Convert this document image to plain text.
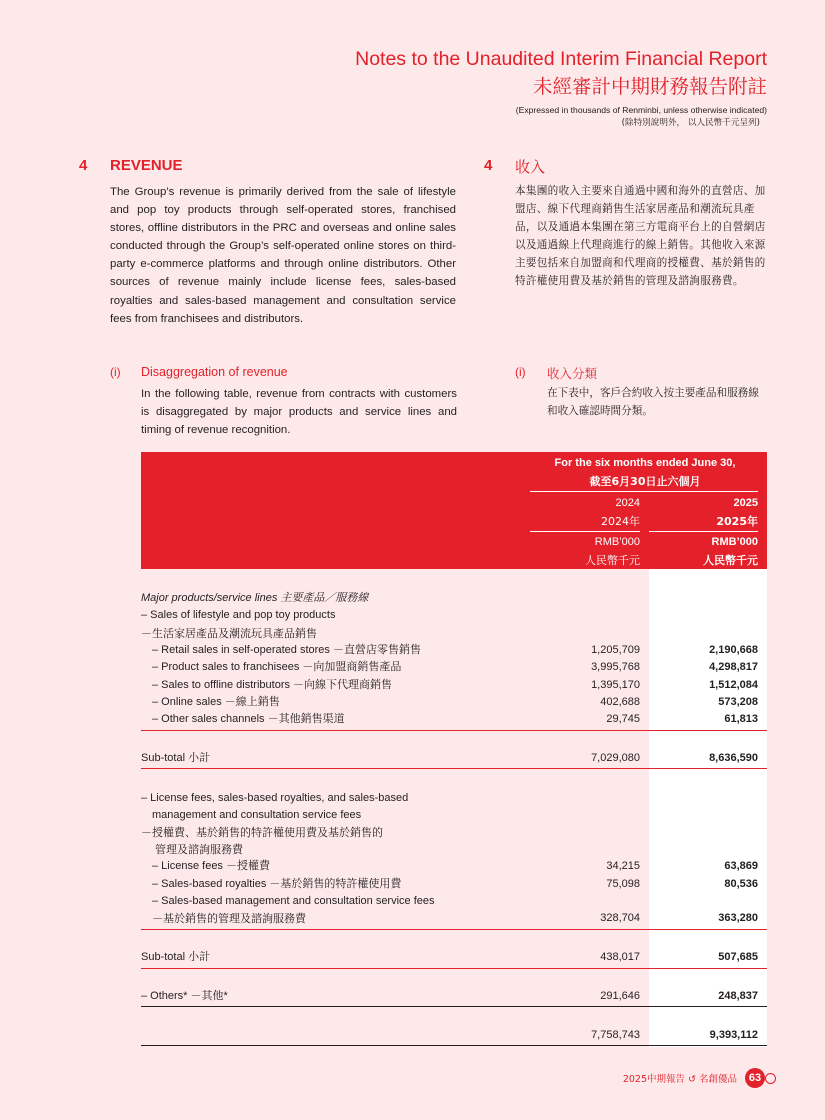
Notes to the Unaudited Interim Financial Report
未經審計中期財務報告附註
(Expressed in thousands of Renminbi, unless otherwise indicated)
(除特別說明外， 以人民幣千元呈列)
4 REVENUE	4 收入
The Group’s revenue is primarily derived from the sale of lifestyle and pop toy products through self-operated stores, franchised stores, offline distributors in the PRC and overseas and online sales conducted through the Group’s self-operated online stores on third-party e-commerce platforms and through online distributors. Other sources of revenue mainly include license fees, sales-based royalties and sales-based management and consultation service fees from franchisees and distributors.
本集團的收入主要來自通過中國和海外的直營店、加盟店、線下代理商銷售生活家居產品和潮流玩具產品，以及通過本集團在第三方電商平台上的自營網店以及通過線上代理商進行的線上銷售。其他收入來源主要包括來自加盟商和代理商的授權費、基於銷售的特許權使用費及基於銷售的管理及諮詢服務費。
(i) Disaggregation of revenue	(i) 收入分類
In the following table, revenue from contracts with customers is disaggregated by major products and service lines and timing of revenue recognition.
在下表中，客戶合約收入按主要產品和服務線和收入確認時間分類。
For the six months ended June 30,
截至6月30日止六個月
2024
2024年
2025
2025年
RMB’000
人民幣千元
RMB’000
人民幣千元
Major products/service lines 主要產品／服務線
– Sales of lifestyle and pop toy products
－生活家居產品及潮流玩具產品銷售
– Retail sales in self-operated stores －直營店零售銷售	1,205,709	2,190,668
– Product sales to franchisees －向加盟商銷售產品	3,995,768	4,298,817
– Sales to offline distributors －向線下代理商銷售	1,395,170	1,512,084
– Online sales －線上銷售	402,688	573,208
– Other sales channels －其他銷售渠道	29,745	61,813
Sub-total 小計	7,029,080	8,636,590
– License fees, sales-based royalties, and sales-based
management and consultation service fees
－授權費、基於銷售的特許權使用費及基於銷售的
管理及諮詢服務費
– License fees －授權費	34,215	63,869
– Sales-based royalties －基於銷售的特許權使用費	75,098	80,536
– Sales-based management and consultation service fees
－基於銷售的管理及諮詢服務費	328,704	363,280
Sub-total 小計	438,017	507,685
– Others* －其他*	291,646	248,837
7,758,743	9,393,112
2025中期報告 ↺ 名創優品	63
